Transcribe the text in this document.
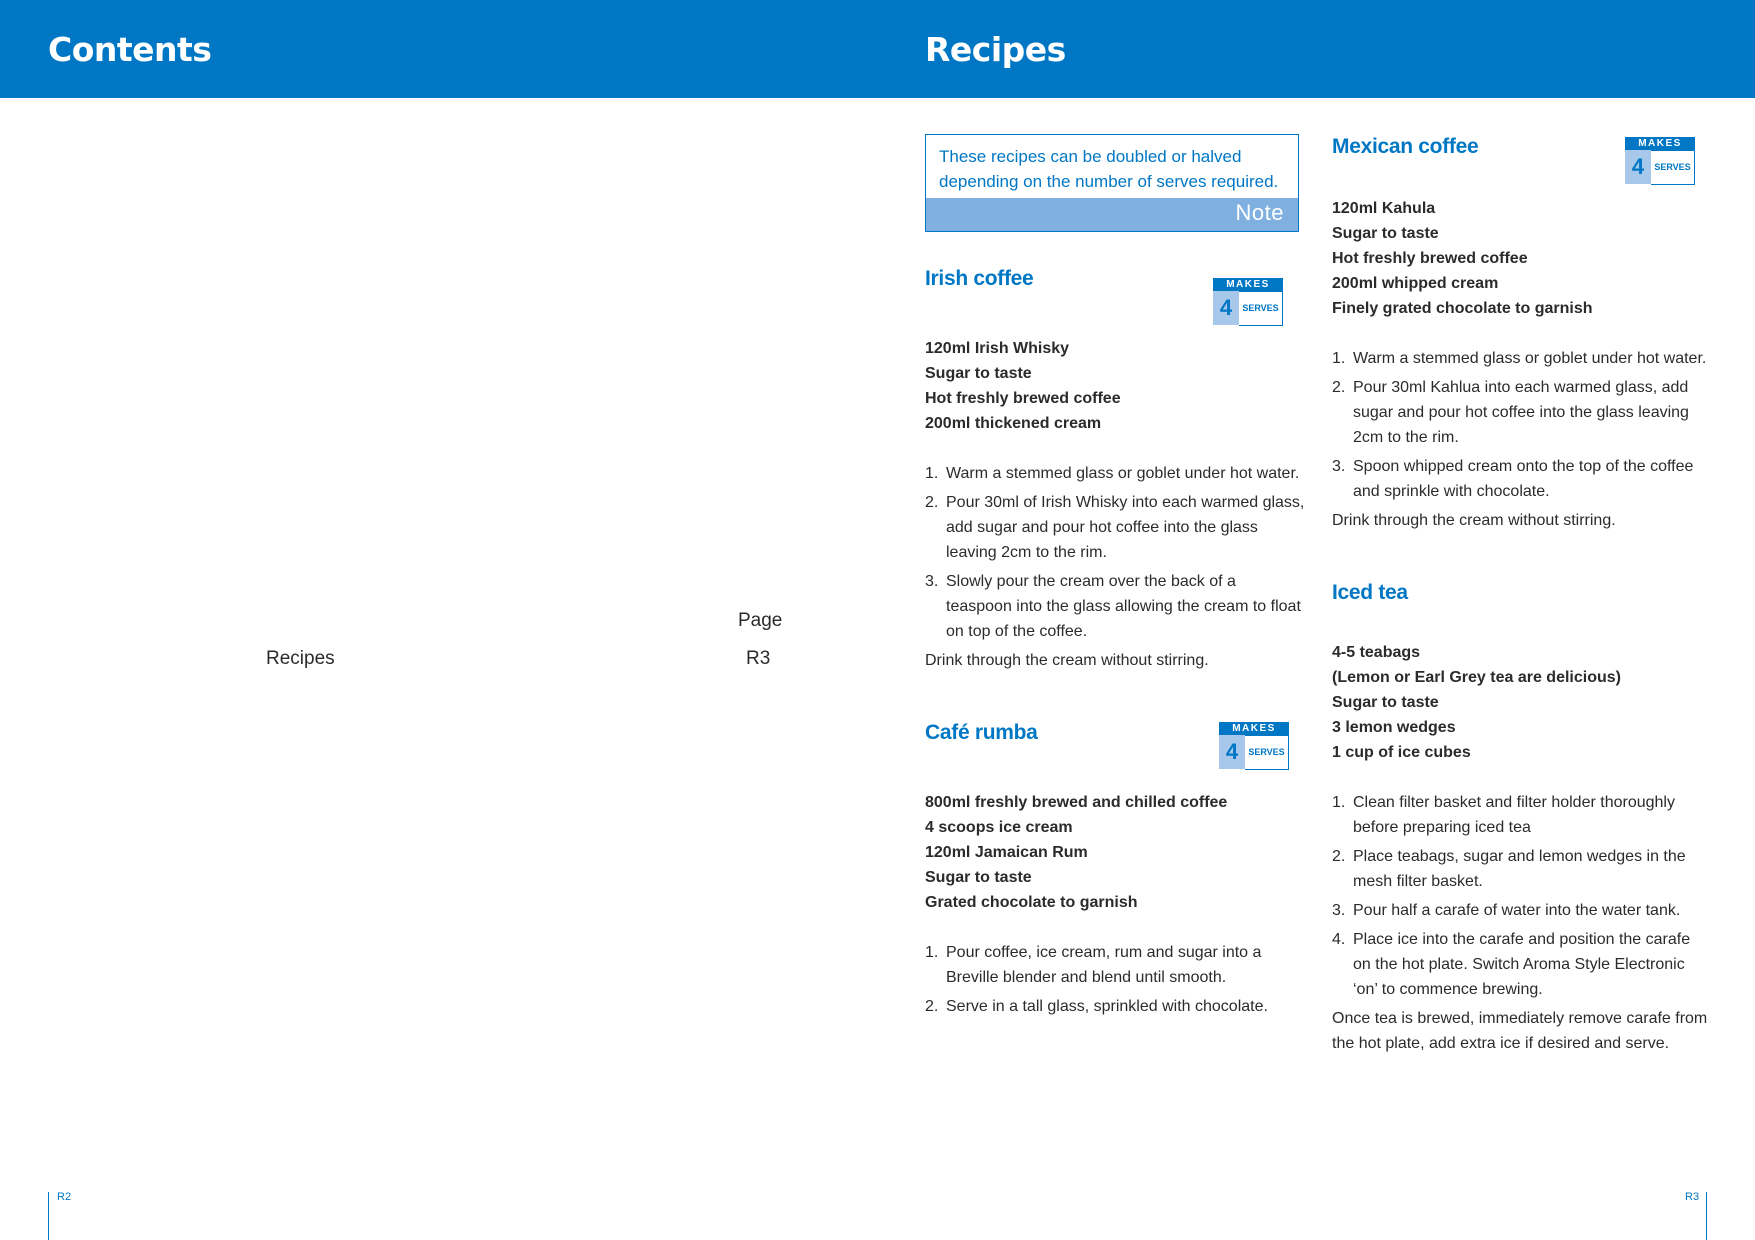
Contents
Page
Recipes	R3
R2
Recipes
These recipes can be doubled or halved depending on the number of serves required.
Note
Irish coffee
120ml Irish Whisky
Sugar to taste
Hot freshly brewed coffee
200ml thickened cream
1. Warm a stemmed glass or goblet under hot water.
2. Pour 30ml of Irish Whisky into each warmed glass, add sugar and pour hot coffee into the glass leaving 2cm to the rim.
3. Slowly pour the cream over the back of a teaspoon into the glass allowing the cream to float on top of the coffee.

Drink through the cream without stirring.

MAKES
4	SERVES
Café rumba
800ml freshly brewed and chilled coffee
4 scoops ice cream
120ml Jamaican Rum
Sugar to taste
Grated chocolate to garnish
1. Pour coffee, ice cream, rum and sugar into a Breville blender and blend until smooth.
2. Serve in a tall glass, sprinkled with chocolate.
MAKES
4	SERVES
Mexican coffee
120ml Kahula
Sugar to taste
Hot freshly brewed coffee
200ml whipped cream
Finely grated chocolate to garnish
1. Warm a stemmed glass or goblet under hot water.
2. Pour 30ml Kahlua into each warmed glass, add sugar and pour hot coffee into the glass leaving 2cm to the rim.
3. Spoon whipped cream onto the top of the coffee and sprinkle with chocolate.

Drink through the cream without stirring.

MAKES
4	SERVES
Iced tea
4-5 teabags
(Lemon or Earl Grey tea are delicious)
Sugar to taste
3 lemon wedges
1 cup of ice cubes
1. Clean filter basket and filter holder thoroughly before preparing iced tea
2. Place teabags, sugar and lemon wedges in the mesh filter basket.
3. Pour half a carafe of water into the water tank.
4. Place ice into the carafe and position the carafe on the hot plate. Switch Aroma Style Electronic ‘on’ to commence brewing.

Once tea is brewed, immediately remove carafe from the hot plate, add extra ice if desired and serve.

R3
